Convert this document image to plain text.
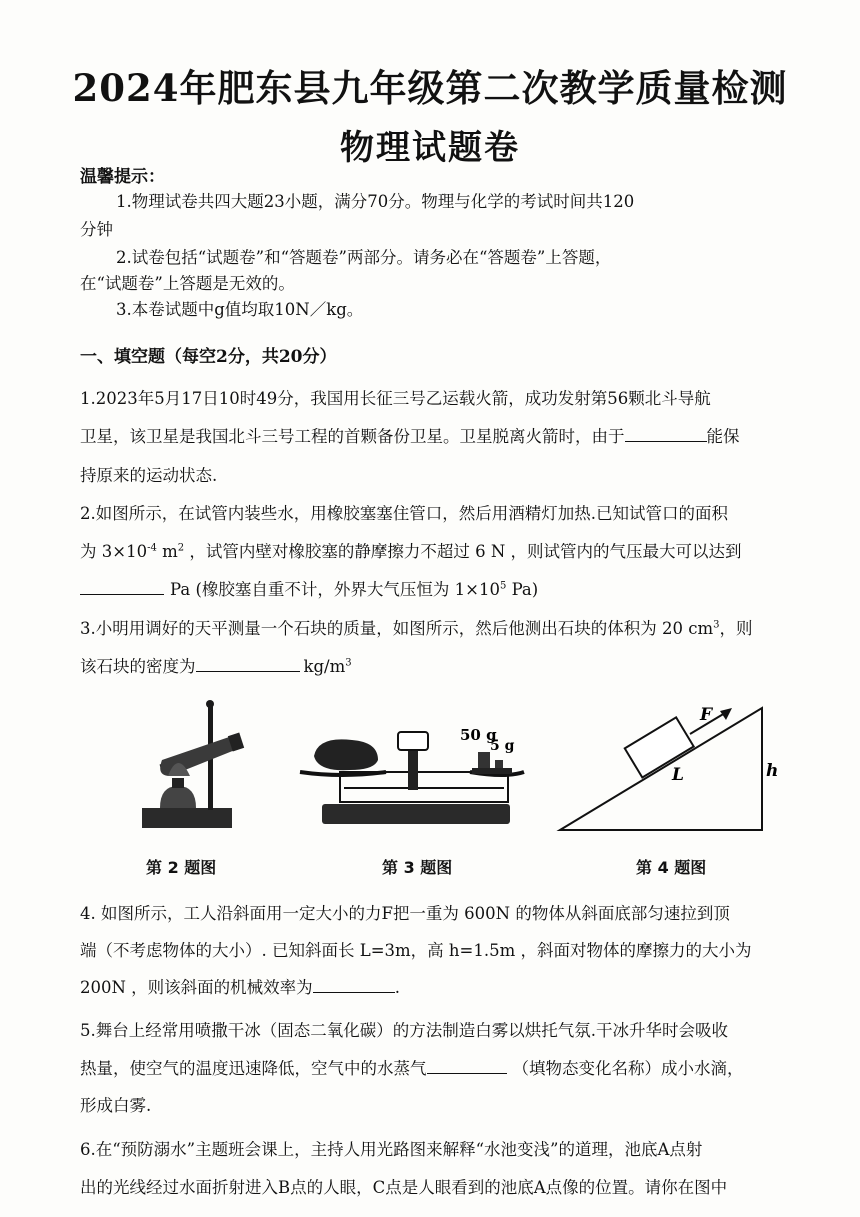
2024年肥东县九年级第二次教学质量检测
物理试题卷
温馨提示：
1.物理试卷共四大题23小题，满分70分。物理与化学的考试时间共120
分钟
2.试卷包括“试题卷”和“答题卷”两部分。请务必在“答题卷”上答题，
在“试题卷”上答题是无效的。
3.本卷试题中g值均取10N／kg。
一、填空题（每空2分，共20分）
1.2023年5月17日10时49分，我国用长征三号乙运载火箭，成功发射第56颗北斗导航
卫星，该卫星是我国北斗三号工程的首颗备份卫星。卫星脱离火箭时，由于	能保
持原来的运动状态.
2.如图所示，在试管内装些水，用橡胶塞塞住管口，然后用酒精灯加热.已知试管口的面积
为 $3\times 10^{-4}$ $m^2$ ，试管内壁对橡胶塞的静摩擦力不超过 6 N ，则试管内的气压最大可以达到
Pa (橡胶塞自重不计，外界大气压恒为 $1\times 10^5$ Pa)
3.小明用调好的天平测量一个石块的质量，如图所示，然后他测出石块的体积为 20 $cm^3$，则
该石块的密度为	$kg/m^3$
50 g
5 g
F
L	h
第 2 题图	第 3 题图	第 4 题图
4. 如图所示，工人沿斜面用一定大小的力F把一重为 600N 的物体从斜面底部匀速拉到顶
端（不考虑物体的大小）. 已知斜面长 L=3m，高 h=1.5m ，斜面对物体的摩擦力的大小为
200N ，则该斜面的机械效率为	.
5.舞台上经常用喷撒干冰（固态二氧化碳）的方法制造白雾以烘托气氛.干冰升华时会吸收
热量，使空气的温度迅速降低，空气中的水蒸气	（填物态变化名称）成小水滴，
形成白雾.
6.在“预防溺水”主题班会课上，主持人用光路图来解释“水池变浅”的道理，池底A点射
出的光线经过水面折射进入B点的人眼，C点是人眼看到的池底A点像的位置。请你在图中
